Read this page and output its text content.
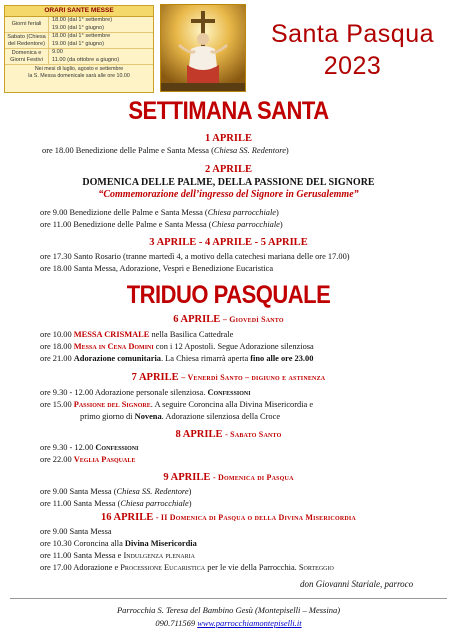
ORARI SANTE MESSE
Giorni feriali
18.00 (dal 1° settembre)
19.00 (dal 1° giugno)
Sabato (Chiesa del Redentore)
18.00 (dal 1° settembre
19.00 (dal 1° giugno)
Domenica e Giorni Festivi
9.00
11.00 (da ottobre a giugno)
Nei mesi di luglio, agosto e settembre
la S. Messa domenicale sarà alle ore 10.00
Santa Pasqua
2023
SETTIMANA SANTA
1 APRILE
ore 18.00 Benedizione delle Palme e Santa Messa (Chiesa SS. Redentore)
2 APRILE
DOMENICA DELLE PALME, DELLA PASSIONE DEL SIGNORE
“Commemorazione dell’ingresso del Signore in Gerusalemme”
ore 9.00 Benedizione delle Palme e Santa Messa (Chiesa parrocchiale)
ore 11.00 Benedizione delle Palme e Santa Messa (Chiesa parrocchiale)
3 APRILE - 4 APRILE - 5 APRILE
ore 17.30 Santo Rosario (tranne martedì 4, a motivo della catechesi mariana delle ore 17.00)
ore 18.00 Santa Messa, Adorazione, Vespri e Benedizione Eucaristica
TRIDUO PASQUALE
6 APRILE – Giovedì Santo
ore 10.00 MESSA CRISMALE nella Basilica Cattedrale
ore 18.00 Messa in Cena Domini con i 12 Apostoli. Segue Adorazione silenziosa
ore 21.00 Adorazione comunitaria. La Chiesa rimarrà aperta fino alle ore 23.00
7 APRILE – Venerdì Santo – digiuno e astinenza
ore 9.30 - 12.00 Adorazione personale silenziosa. Confessioni
ore 15.00 Passione del Signore. A seguire Coroncina alla Divina Misericordia e
primo giorno di Novena. Adorazione silenziosa della Croce
8 APRILE - Sabato Santo
ore 9.30 - 12.00 Confessioni
ore 22.00 Veglia Pasquale
9 APRILE - Domenica di Pasqua
ore 9.00 Santa Messa (Chiesa SS. Redentore)
ore 11.00 Santa Messa (Chiesa parrocchiale)
16 APRILE - II Domenica di Pasqua o della Divina Misericordia
ore 9.00 Santa Messa
ore 10.30 Coroncina alla Divina Misericordia
ore 11.00 Santa Messa e Indulgenza plenaria
ore 17.00 Adorazione e Processione Eucaristica per le vie della Parrocchia. Sorteggio
don Giovanni Stariale, parroco
Parrocchia S. Teresa del Bambino Gesù (Montepiselli – Messina)
090.711569 www.parrocchiamontepiselli.it
